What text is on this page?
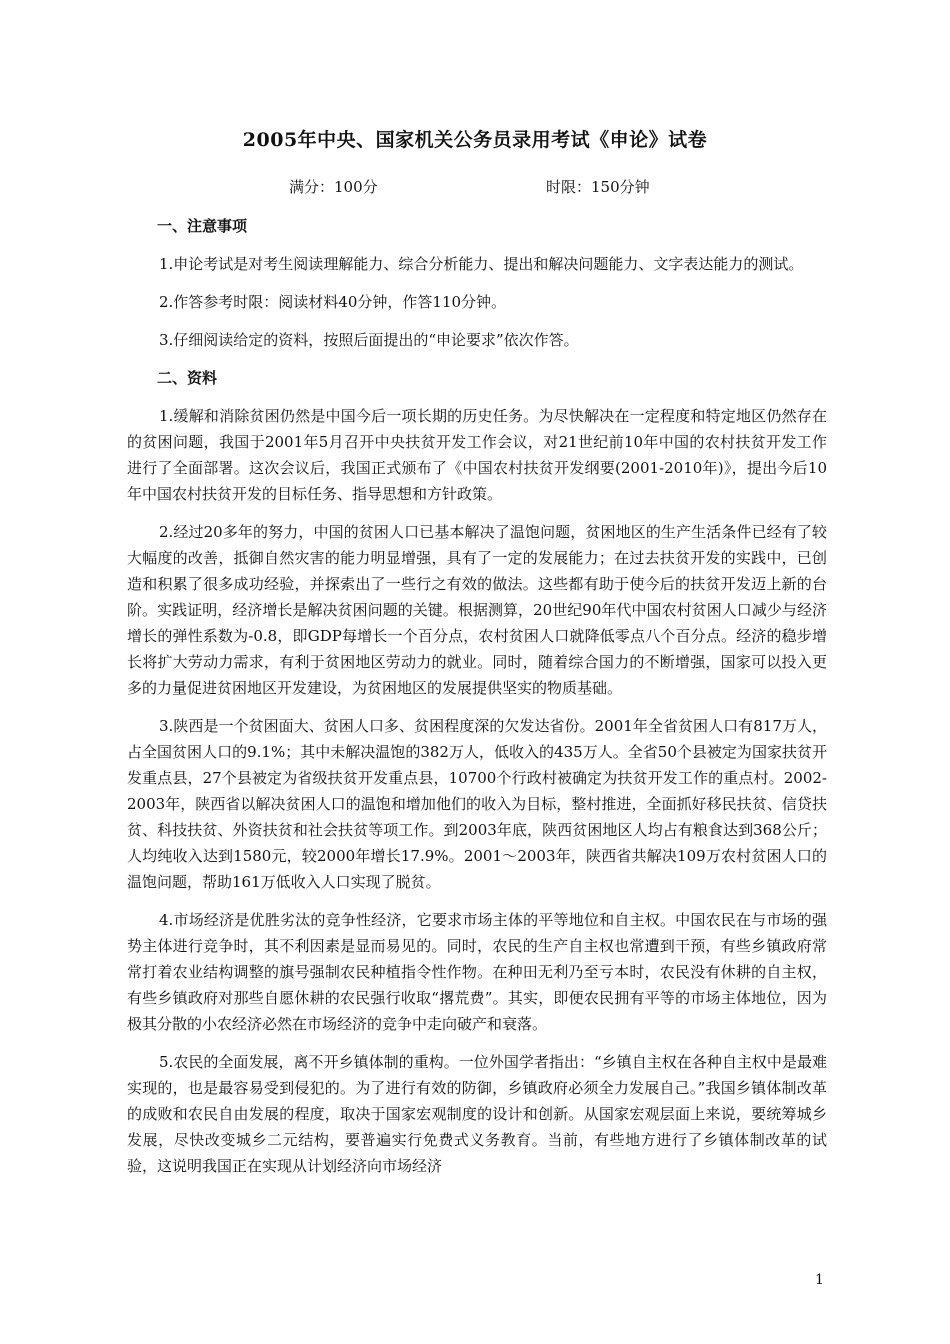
2005年中央、国家机关公务员录用考试《申论》试卷
满分：100分	时限：150分钟
一、注意事项

1.申论考试是对考生阅读理解能力、综合分析能力、提出和解决问题能力、文字表达能力的测试。

2.作答参考时限：阅读材料40分钟，作答110分钟。

3.仔细阅读给定的资料，按照后面提出的“申论要求”依次作答。

二、资料

1.缓解和消除贫困仍然是中国今后一项长期的历史任务。为尽快解决在一定程度和特定地区仍然存在的贫困问题，我国于2001年5月召开中央扶贫开发工作会议，对21世纪前10年中国的农村扶贫开发工作进行了全面部署。这次会议后，我国正式颁布了《中国农村扶贫开发纲要(2001-2010年)》，提出今后10年中国农村扶贫开发的目标任务、指导思想和方针政策。

2.经过20多年的努力，中国的贫困人口已基本解决了温饱问题，贫困地区的生产生活条件已经有了较大幅度的改善，抵御自然灾害的能力明显增强，具有了一定的发展能力；在过去扶贫开发的实践中，已创造和积累了很多成功经验，并探索出了一些行之有效的做法。这些都有助于使今后的扶贫开发迈上新的台阶。实践证明，经济增长是解决贫困问题的关键。根据测算，20世纪90年代中国农村贫困人口减少与经济增长的弹性系数为-0.8，即GDP每增长一个百分点，农村贫困人口就降低零点八个百分点。经济的稳步增长将扩大劳动力需求，有利于贫困地区劳动力的就业。同时，随着综合国力的不断增强，国家可以投入更多的力量促进贫困地区开发建设，为贫困地区的发展提供坚实的物质基础。

3.陕西是一个贫困面大、贫困人口多、贫困程度深的欠发达省份。2001年全省贫困人口有817万人，占全国贫困人口的9.1%；其中未解决温饱的382万人，低收入的435万人。全省50个县被定为国家扶贫开发重点县，27个县被定为省级扶贫开发重点县，10700个行政村被确定为扶贫开发工作的重点村。2002-2003年，陕西省以解决贫困人口的温饱和增加他们的收入为目标，整村推进，全面抓好移民扶贫、信贷扶贫、科技扶贫、外资扶贫和社会扶贫等项工作。到2003年底，陕西贫困地区人均占有粮食达到368公斤；人均纯收入达到1580元，较2000年增长17.9%。2001～2003年，陕西省共解决109万农村贫困人口的温饱问题，帮助161万低收入人口实现了脱贫。

4.市场经济是优胜劣汰的竞争性经济，它要求市场主体的平等地位和自主权。中国农民在与市场的强势主体进行竞争时，其不利因素是显而易见的。同时，农民的生产自主权也常遭到干预，有些乡镇政府常常打着农业结构调整的旗号强制农民种植指令性作物。在种田无利乃至亏本时，农民没有休耕的自主权，有些乡镇政府对那些自愿休耕的农民强行收取“撂荒费”。其实，即便农民拥有平等的市场主体地位，因为极其分散的小农经济必然在市场经济的竞争中走向破产和衰落。

5.农民的全面发展，离不开乡镇体制的重构。一位外国学者指出：“乡镇自主权在各种自主权中是最难实现的，也是最容易受到侵犯的。为了进行有效的防御，乡镇政府必须全力发展自己。”我国乡镇体制改革的成败和农民自由发展的程度，取决于国家宏观制度的设计和创新。从国家宏观层面上来说，要统筹城乡发展，尽快改变城乡二元结构，要普遍实行免费式义务教育。当前，有些地方进行了乡镇体制改革的试验，这说明我国正在实现从计划经济向市场经济

1
